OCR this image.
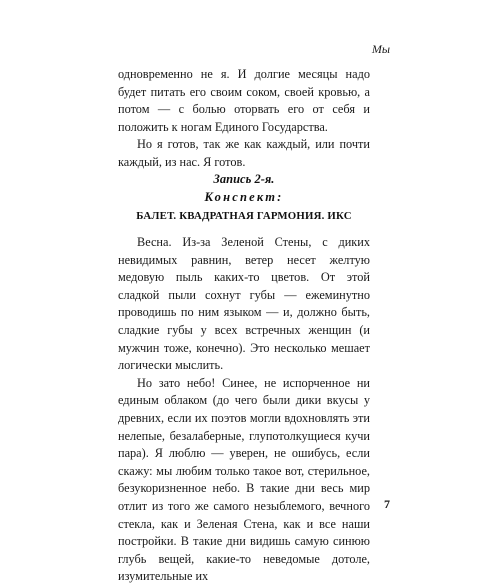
Мы

одновременно не я. И долгие месяцы надо будет питать его своим соком, своей кровью, а потом — с болью оторвать его от себя и положить к ногам Единого Государства.

Но я готов, так же как каждый, или почти каждый, из нас. Я готов.

Запись 2-я.
Конспект:
БАЛЕТ. КВАДРАТНАЯ ГАРМОНИЯ. ИКС

Весна. Из-за Зеленой Стены, с диких невидимых равнин, ветер несет желтую медовую пыль каких-то цветов. От этой сладкой пыли сохнут губы — ежеминутно проводишь по ним языком — и, должно быть, сладкие губы у всех встречных женщин (и мужчин тоже, конечно). Это несколько мешает логически мыслить.

Но зато небо! Синее, не испорченное ни единым облаком (до чего были дики вкусы у древних, если их поэтов могли вдохновлять эти нелепые, безалаберные, глупотолкущиеся кучи пара). Я люблю — уверен, не ошибусь, если скажу: мы любим только такое вот, стерильное, безукоризненное небо. В такие дни весь мир отлит из того же самого незыблемого, вечного стекла, как и Зеленая Стена, как и все наши постройки. В такие дни видишь самую синюю глубь вещей, какие-то неведомые дотоле, изумительные их

7
